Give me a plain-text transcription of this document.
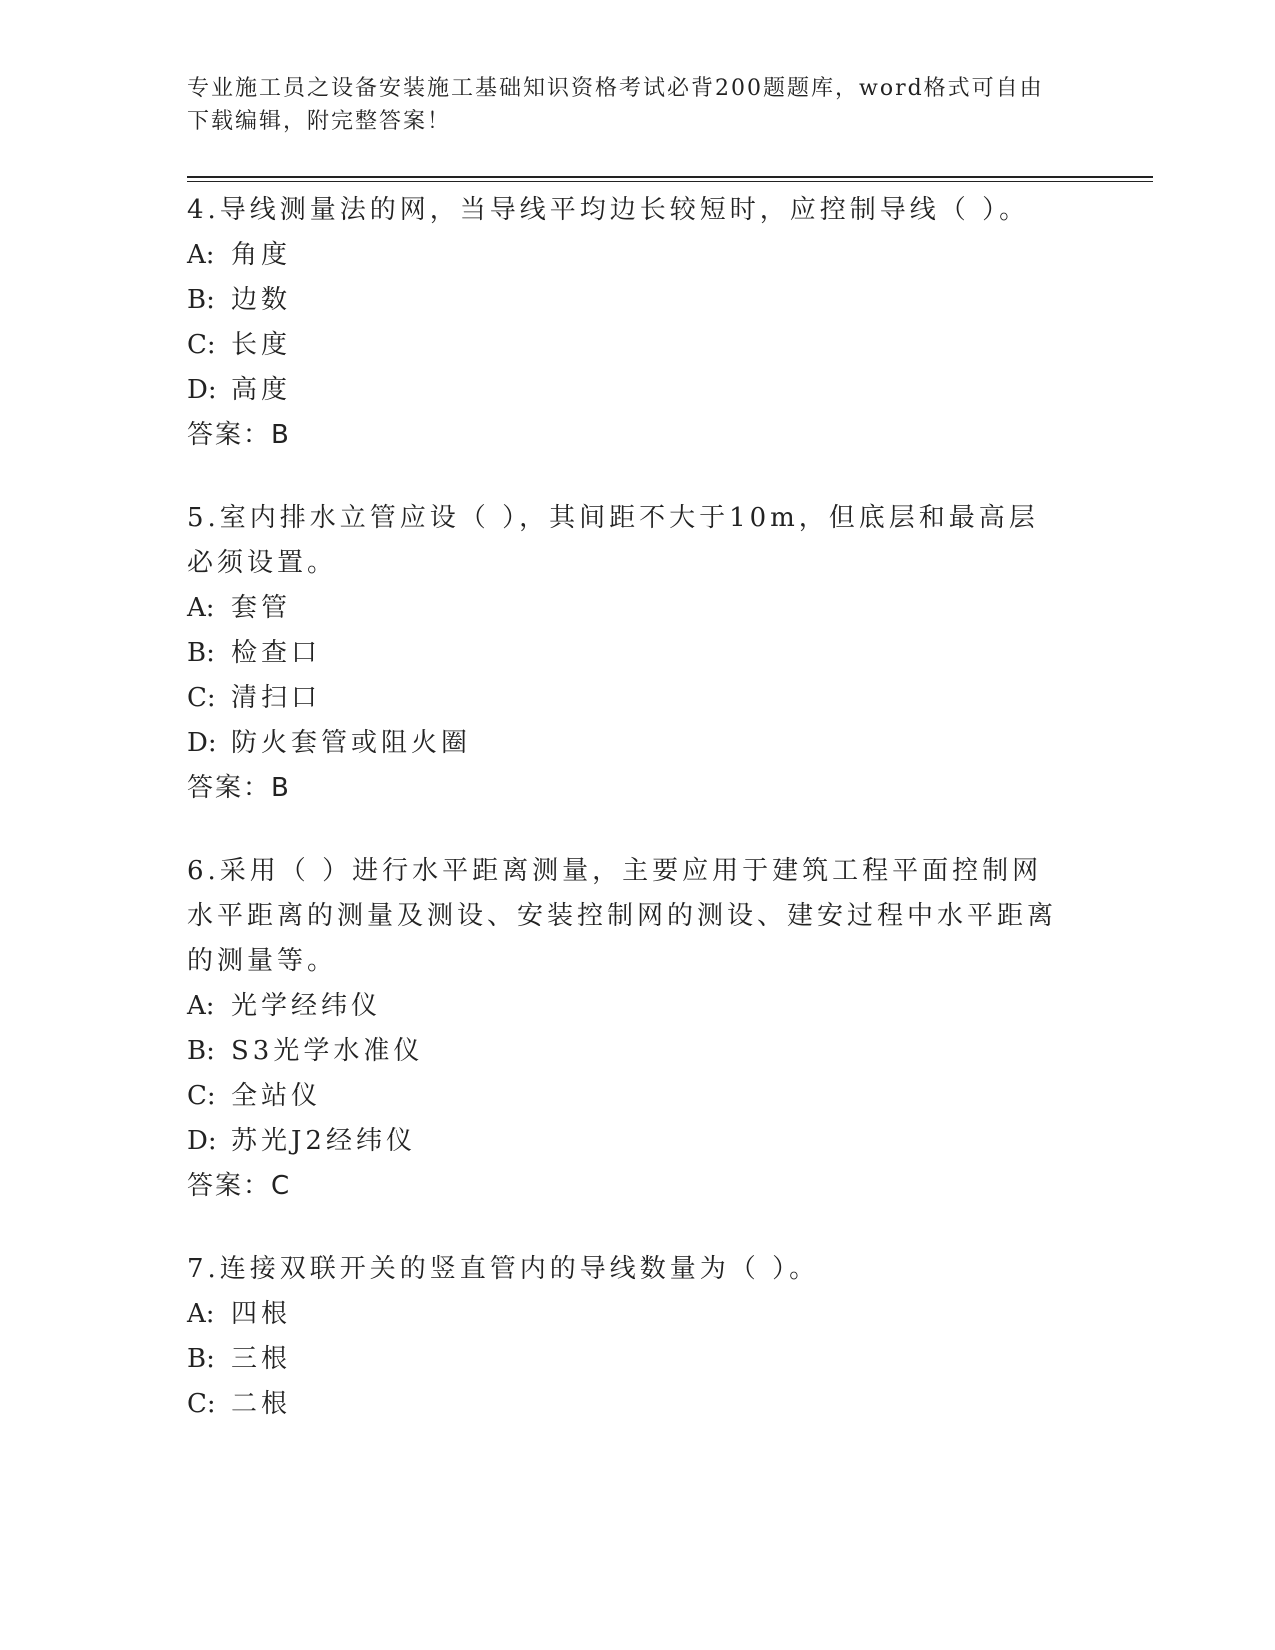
专业施工员之设备安装施工基础知识资格考试必背200题题库，word格式可自由
下载编辑，附完整答案！

4.导线测量法的网，当导线平均边长较短时，应控制导线（ ）。

A: 角度

B: 边数

C: 长度

D: 高度

答案：B

5.室内排水立管应设（ ），其间距不大于10m，但底层和最高层必须设置。

A: 套管

B: 检查口

C: 清扫口

D: 防火套管或阻火圈

答案：B

6.采用（ ）进行水平距离测量，主要应用于建筑工程平面控制网水平距离的测量及测设、安装控制网的测设、建安过程中水平距离的测量等。

A: 光学经纬仪

B: S3光学水准仪

C: 全站仪

D: 苏光J2经纬仪

答案：C

7.连接双联开关的竖直管内的导线数量为（ ）。

A: 四根

B: 三根

C: 二根
